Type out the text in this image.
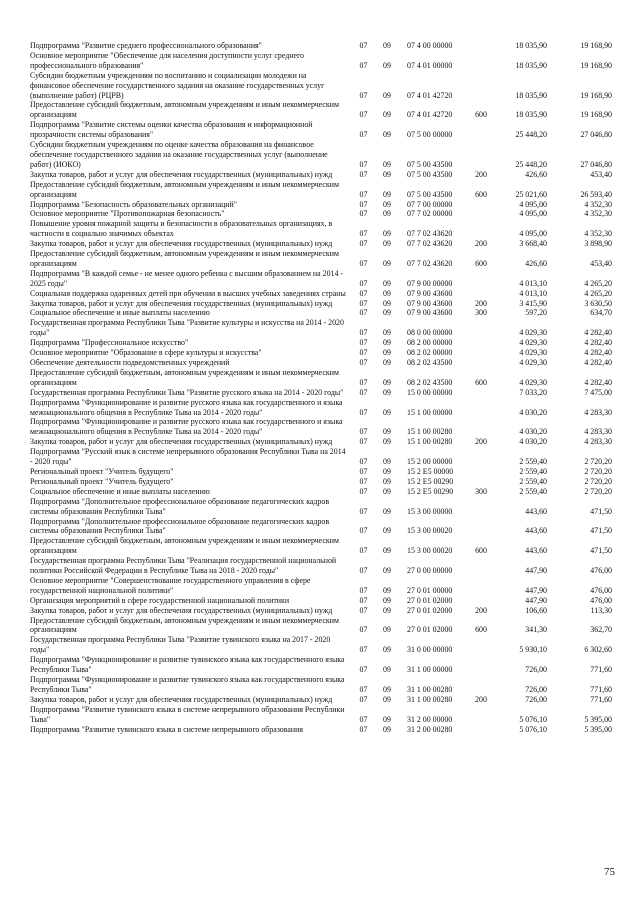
Подпрограмма "Развитие среднего профессионального образования"	07	09	07 4 00 00000		18 035,90	19 168,90
Основное мероприятие "Обеспечение для населения доступности услуг среднего профессионального образования"	07	09	07 4 01 00000		18 035,90	19 168,90
Субсидии бюджетным учреждениям по воспитанию и социализации молодежи на финансовое обеспечение государственного задания на оказание государственных услуг (выполнение работ) (РЦРВ)	07	09	07 4 01 42720		18 035,90	19 168,90
Предоставление субсидий бюджетным, автономным учреждениям и иным некоммерческим организациям	07	09	07 4 01 42720	600	18 035,90	19 168,90
Подпрограмма "Развитие системы оценки качества образования и информационной прозрачности системы образования"	07	09	07 5 00 00000		25 448,20	27 046,80
Субсидии бюджетным учреждениям по оценке качества образования на финансовое обеспечение государственного задания на оказание государственных услуг (выполнение работ) (ИОКО)	07	09	07 5 00 43500		25 448,20	27 046,80
Закупка товаров, работ и услуг для обеспечения государственных (муниципальных) нужд	07	09	07 5 00 43500	200	426,60	453,40
Предоставление субсидий бюджетным, автономным учреждениям и иным некоммерческим организациям	07	09	07 5 00 43500	600	25 021,60	26 593,40
Подпрограмма "Безопасность образовательных организаций"	07	09	07 7 00 00000		4 095,00	4 352,30
Основное мероприятие "Противопожарная безопасность"	07	09	07 7 02 00000		4 095,00	4 352,30
Повышение уровня пожарной защиты и безопасности в образовательных организациях, в частности в социально значимых объектах	07	09	07 7 02 43620		4 095,00	4 352,30
Закупка товаров, работ и услуг для обеспечения государственных (муниципальных) нужд	07	09	07 7 02 43620	200	3 668,40	3 898,90
Предоставление субсидий бюджетным, автономным учреждениям и иным некоммерческим организациям	07	09	07 7 02 43620	600	426,60	453,40
Подпрограмма "В каждой семье - не менее одного ребенка с высшим образованием на 2014 - 2025 годы"	07	09	07 9 00 00000		4 013,10	4 265,20
Социальная поддержка одаренных детей при обучении в высших учебных заведениях страны	07	09	07 9 00 43600		4 013,10	4 265,20
Закупка товаров, работ и услуг для обеспечения государственных (муниципальных) нужд	07	09	07 9 00 43600	200	3 415,90	3 630,50
Социальное обеспечение и иные выплаты населению	07	09	07 9 00 43600	300	597,20	634,70
Государственная программа Республики Тыва "Развитие культуры и искусства на 2014 - 2020 годы"	07	09	08 0 00 00000		4 029,30	4 282,40
Подпрограмма "Профессиональное искусство"	07	09	08 2 00 00000		4 029,30	4 282,40
Основное мероприятие "Образование в сфере культуры и искусства"	07	09	08 2 02 00000		4 029,30	4 282,40
Обеспечение деятельности подведомственных учреждений	07	09	08 2 02 43500		4 029,30	4 282,40
Предоставление субсидий бюджетным, автономным учреждениям и иным некоммерческим организациям	07	09	08 2 02 43500	600	4 029,30	4 282,40
Государственная программа Республики Тыва "Развитие русского языка на 2014 - 2020 годы"	07	09	15 0 00 00000		7 033,20	7 475,00
Подпрограмма "Функционирование и развитие русского языка как государственного и языка межнационального общения в Республике Тыва на 2014 - 2020 годы"	07	09	15 1 00 00000		4 030,20	4 283,30
Подпрограмма "Функционирование и развитие русского языка как государственного и языка межнационального общения в Республике Тыва на 2014 - 2020 годы"	07	09	15 1 00 00280		4 030,20	4 283,30
Закупка товаров, работ и услуг для обеспечения государственных (муниципальных) нужд	07	09	15 1 00 00280	200	4 030,20	4 283,30
Подпрограмма "Русский язык в системе непрерывного образования Республики Тыва на 2014 - 2020 годы"	07	09	15 2 00 00000		2 559,40	2 720,20
Региональный проект "Учитель будущего"	07	09	15 2 E5 00000		2 559,40	2 720,20
Региональный проект "Учитель будущего"	07	09	15 2 E5 00290		2 559,40	2 720,20
Социальное обеспечение и иные выплаты населению	07	09	15 2 E5 00290	300	2 559,40	2 720,20
Подпрограмма "Дополнительное профессиональное образование педагогических кадров системы образования Республики Тыва"	07	09	15 3 00 00000		443,60	471,50
Подпрограмма "Дополнительное профессиональное образование педагогических кадров системы образования Республики Тыва"	07	09	15 3 00 00020		443,60	471,50
Предоставление субсидий бюджетным, автономным учреждениям и иным некоммерческим организациям	07	09	15 3 00 00020	600	443,60	471,50
Государственная программа Республики Тыва "Реализация государственной национальной политики Российской Федерации в Республике Тыва на 2018 - 2020 годы"	07	09	27 0 00 00000		447,90	476,00
Основное мероприятие "Совершенствование государственного управления в сфере государственной национальной политики"	07	09	27 0 01 00000		447,90	476,00
Организация мероприятий в сфере государственной национальной политики	07	09	27 0 01 02000		447,90	476,00
Закупка товаров, работ и услуг для обеспечения государственных (муниципальных) нужд	07	09	27 0 01 02000	200	106,60	113,30
Предоставление субсидий бюджетным, автономным учреждениям и иным некоммерческим организациям	07	09	27 0 01 02000	600	341,30	362,70
Государственная программа Республики Тыва "Развитие тувинского языка на 2017 - 2020 годы"	07	09	31 0 00 00000		5 930,10	6 302,60
Подпрограмма "Функционирование и развитие тувинского языка как государственного языка Республики Тыва"	07	09	31 1 00 00000		726,00	771,60
Подпрограмма "Функционирование и развитие тувинского языка как государственного языка Республики Тыва"	07	09	31 1 00 00280		726,00	771,60
Закупка товаров, работ и услуг для обеспечения государственных (муниципальных) нужд	07	09	31 1 00 00280	200	726,00	771,60
Подпрограмма "Развитие тувинского языка в системе непрерывного образования Республики Тыва"	07	09	31 2 00 00000		5 076,10	5 395,00
Подпрограмма "Развитие тувинского языка в системе непрерывного образования	07	09	31 2 00 00280		5 076,10	5 395,00
75
